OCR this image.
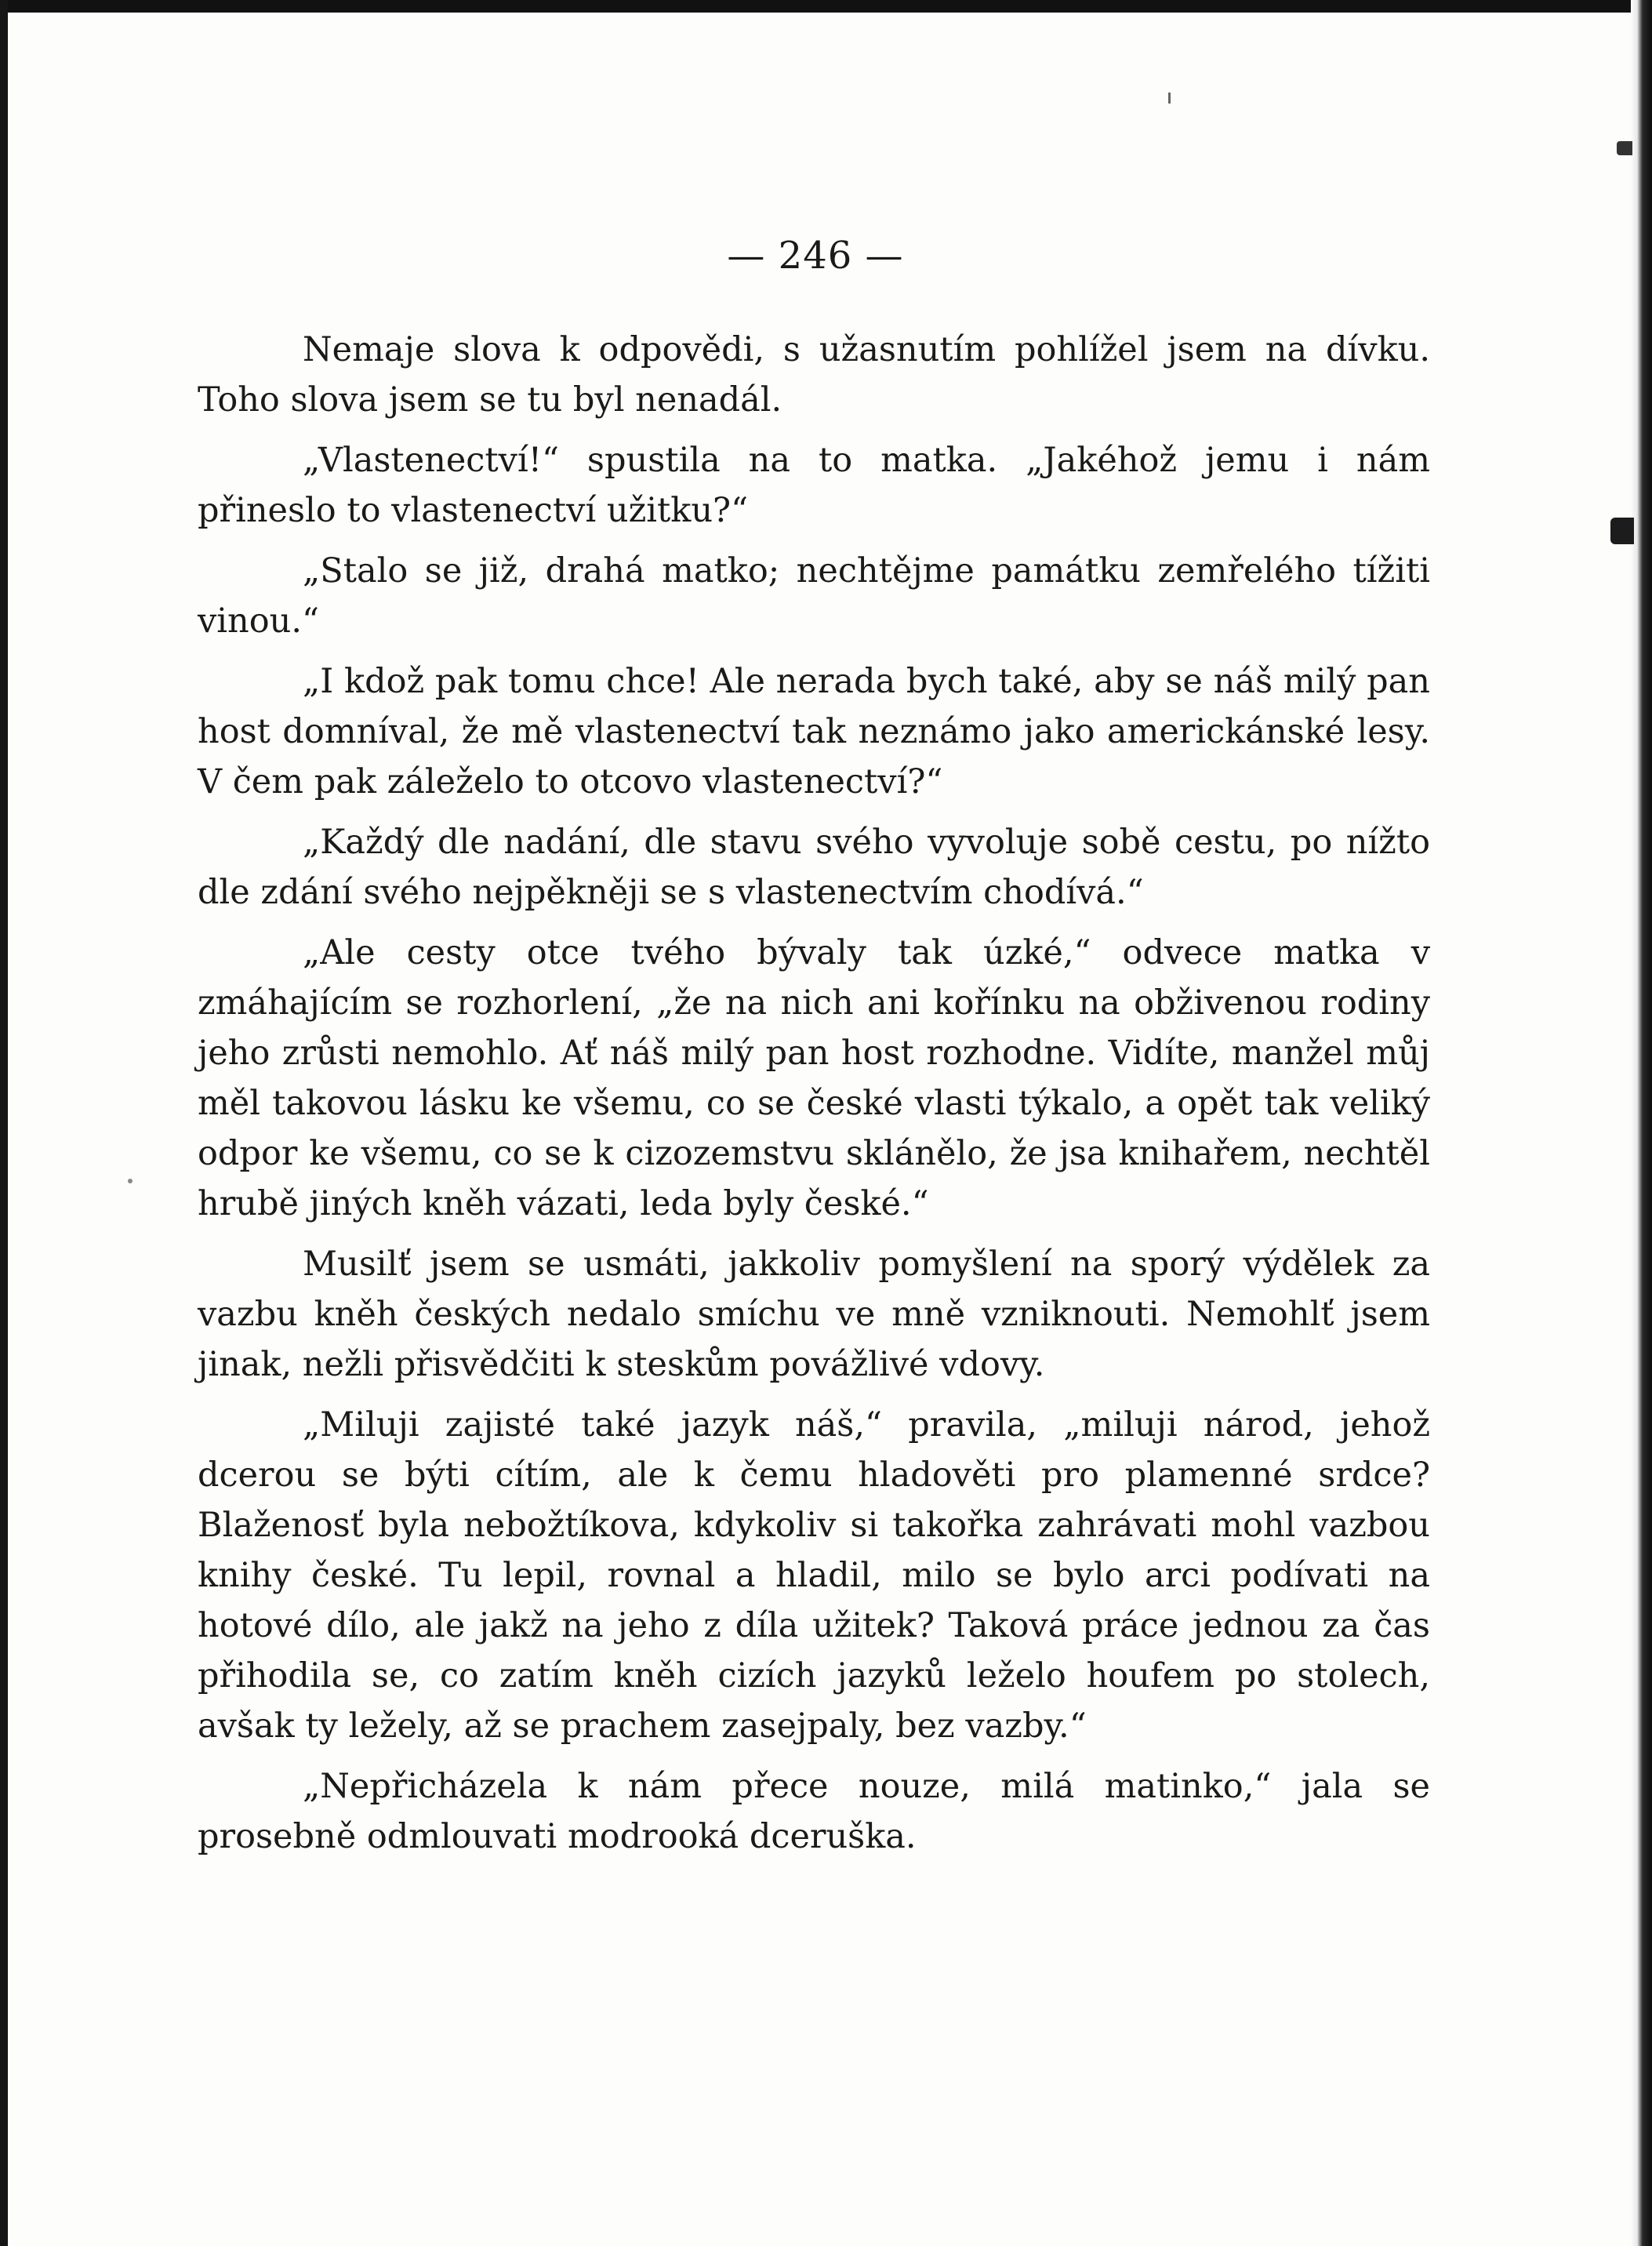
— 246 —

Nemaje slova k odpovědi, s užasnutím pohlížel jsem na dívku. Toho slova jsem se tu byl nenadál.

„Vlastenectví!“ spustila na to matka. „Jakéhož jemu i nám přineslo to vlastenectví užitku?“

„Stalo se již, drahá matko; nechtějme památku zemřelého tížiti vinou.“

„I kdož pak tomu chce! Ale nerada bych také, aby se náš milý pan host domníval, že mě vlastenectví tak neznámo jako americkánské lesy. V čem pak záleželo to otcovo vlastenectví?“

„Každý dle nadání, dle stavu svého vyvoluje sobě cestu, po nížto dle zdání svého nejpěkněji se s vlastenectvím chodívá.“

„Ale cesty otce tvého bývaly tak úzké,“ odvece matka v zmáhajícím se rozhorlení, „že na nich ani kořínku na obživenou rodiny jeho zrůsti nemohlo. Ať náš milý pan host rozhodne. Vidíte, manžel můj měl takovou lásku ke všemu, co se české vlasti týkalo, a opět tak veliký odpor ke všemu, co se k cizozemstvu sklánělo, že jsa knihařem, nechtěl hrubě jiných kněh vázati, leda byly české.“

Musilť jsem se usmáti, jakkoliv pomyšlení na sporý výdělek za vazbu kněh českých nedalo smíchu ve mně vzniknouti. Nemohlť jsem jinak, nežli přisvědčiti k steskům povážlivé vdovy.

„Miluji zajisté také jazyk náš,“ pravila, „miluji národ, jehož dcerou se býti cítím, ale k čemu hladověti pro plamenné srdce? Blaženosť byla nebožtíkova, kdykoliv si takořka zahrávati mohl vazbou knihy české. Tu lepil, rovnal a hladil, milo se bylo arci podívati na hotové dílo, ale jakž na jeho z díla užitek? Taková práce jednou za čas přihodila se, co zatím kněh cizích jazyků leželo houfem po stolech, avšak ty ležely, až se prachem zasejpaly, bez vazby.“

„Nepřicházela k nám přece nouze, milá matinko,“ jala se prosebně odmlouvati modrooká dceruška.
